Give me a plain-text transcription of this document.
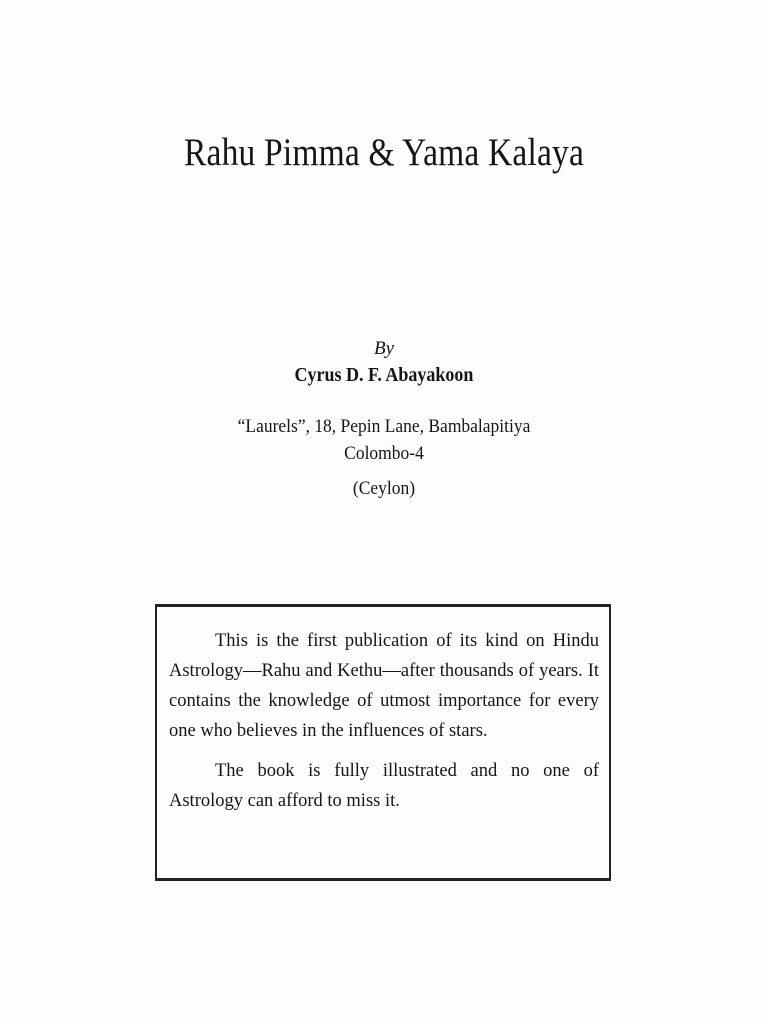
Rahu Pimma & Yama Kalaya
By
Cyrus D. F. Abayakoon
“Laurels”, 18, Pepin Lane, Bambalapitiya
Colombo-4
(Ceylon)

This is the first publication of its kind on Hindu Astrology—Rahu and Kethu—after thousands of years. It contains the knowledge of utmost importance for every one who believes in the influences of stars.

The book is fully illustrated and no one of Astrology can afford to miss it.
